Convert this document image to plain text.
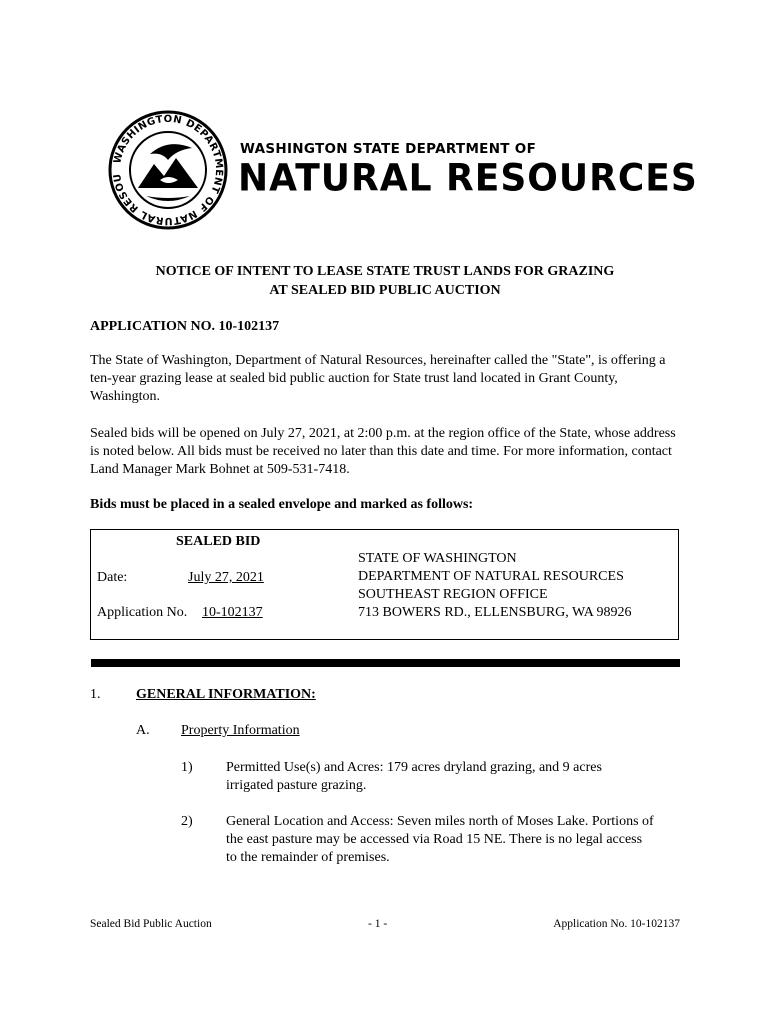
WASHINGTON DEPARTMENT OF NATURAL RESOU
WASHINGTON STATE DEPARTMENT OF
NATURAL RESOURCES
NOTICE OF INTENT TO LEASE STATE TRUST LANDS FOR GRAZING
AT SEALED BID PUBLIC AUCTION
APPLICATION NO. 10-102137
The State of Washington, Department of Natural Resources, hereinafter called the "State", is offering a ten-year grazing lease at sealed bid public auction for State trust land located in Grant County, Washington.
Sealed bids will be opened on July 27, 2021, at 2:00 p.m. at the region office of the State, whose address is noted below. All bids must be received no later than this date and time. For more information, contact Land Manager Mark Bohnet at 509-531-7418.
Bids must be placed in a sealed envelope and marked as follows:
SEALED BID
Date:	July 27, 2021
Application No. 10-102137
STATE OF WASHINGTON
DEPARTMENT OF NATURAL RESOURCES
SOUTHEAST REGION OFFICE
713 BOWERS RD., ELLENSBURG, WA 98926
1.	GENERAL INFORMATION:
A. Property Information
1) Permitted Use(s) and Acres: 179 acres dryland grazing, and 9 acres irrigated pasture grazing.
2) General Location and Access: Seven miles north of Moses Lake. Portions of the east pasture may be accessed via Road 15 NE. There is no legal access to the remainder of premises.
Sealed Bid Public Auction	- 1 -	Application No. 10-102137
